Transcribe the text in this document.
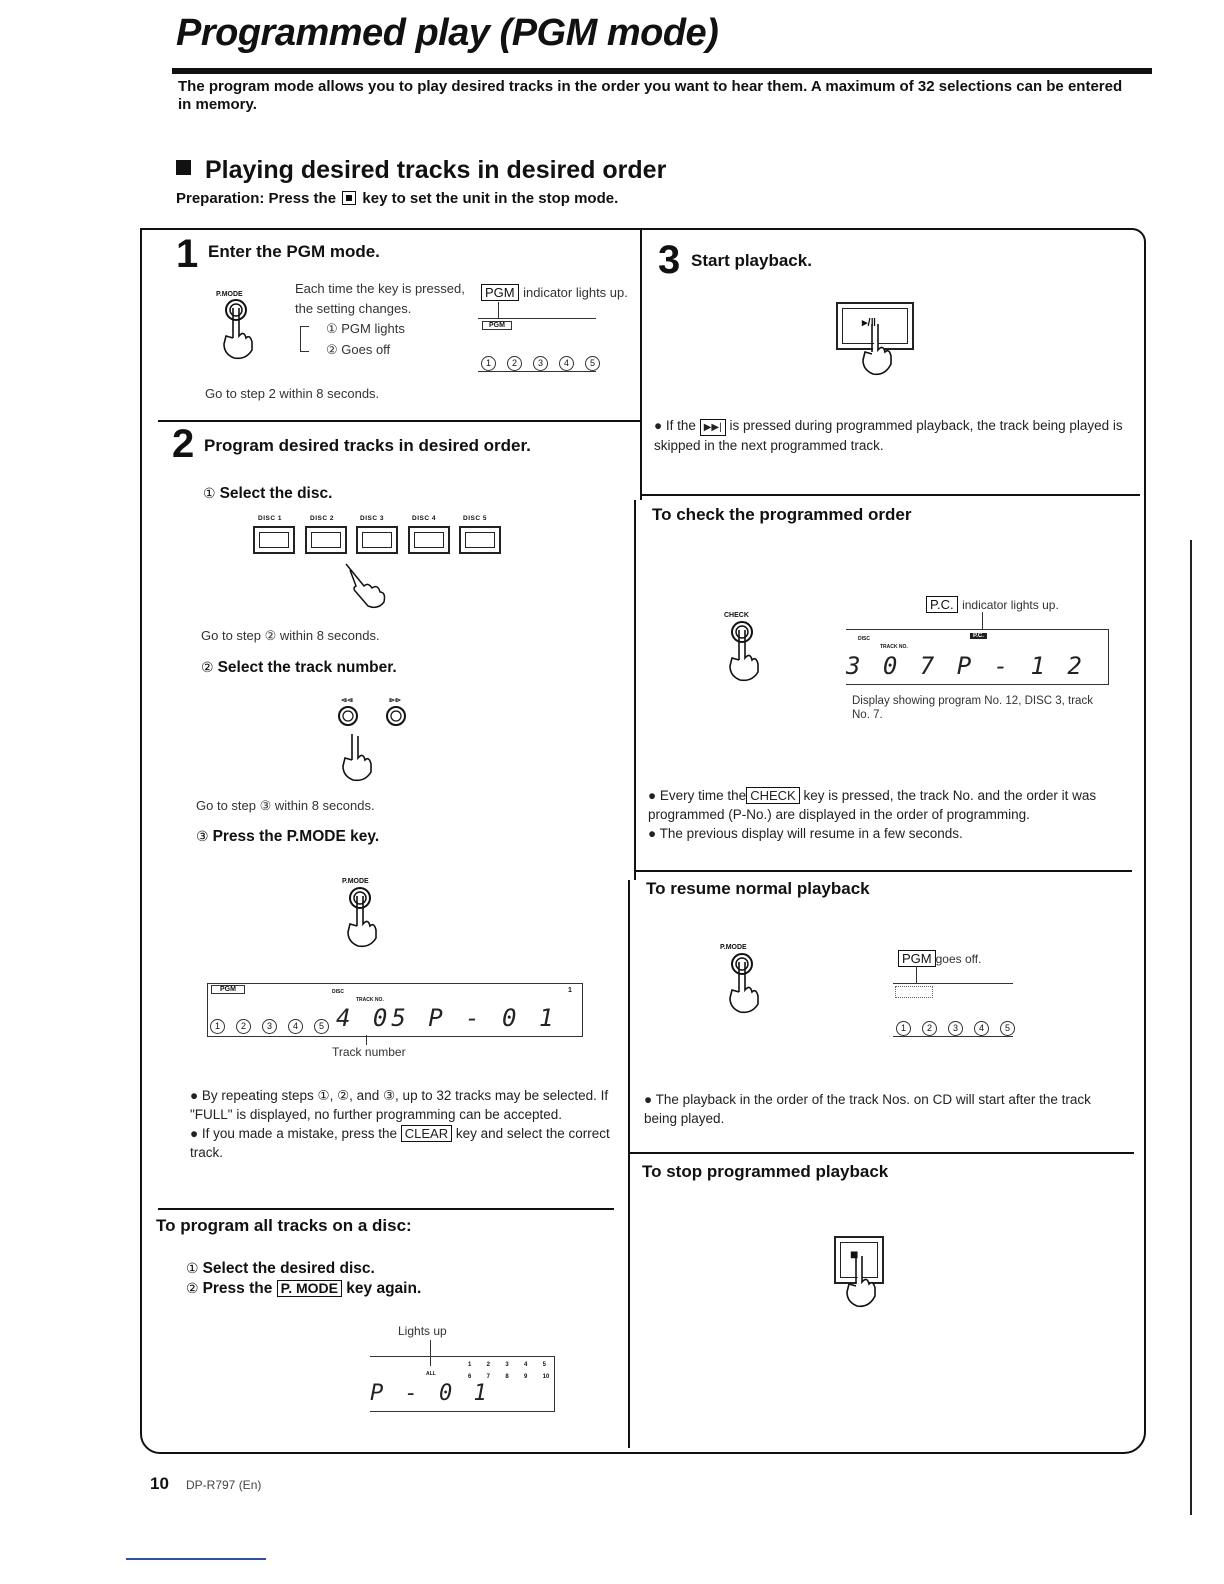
Programmed play (PGM mode)
The program mode allows you to play desired tracks in the order you want to hear them. A maximum of 32 selections can be entered in memory.
Playing desired tracks in desired order
Preparation: Press the key to set the unit in the stop mode.
1 Enter the PGM mode.
P.MODE	Each time the key is pressed,
the setting changes.
① PGM lights
② Goes off
PGM indicator lights up.
PGM
1 2 3 4 5
Go to step 2 within 8 seconds.
2 Program desired tracks in desired order.
① Select the disc.
DISC 1	DISC 2	DISC 3	DISC 4	DISC 5
Go to step ② within 8 seconds.
② Select the track number.
⧏⧏	⧐⧐
Go to step ③ within 8 seconds.
③ Press the P.MODE key.
P.MODE
PGM	DISC
TRACK NO.
1
1 2 3 4 5 4 05 P - 0 1
Track number

● By repeating steps ①, ②, and ③, up to 32 tracks may be selected. If "FULL" is displayed, no further programming can be accepted.

● If you made a mistake, press the CLEAR key and select the correct track.

To program all tracks on a disc:
① Select the desired disc.
② Press the P. MODE key again.
Lights up
ALL
1  2  3  4  5
6  7  8  9  10
P - 0 1
3 Start playback.
▸/‖
● If the ▶▶| is pressed during programmed playback, the track being played is skipped in the next programmed track.
To check the programmed order
P.C. indicator lights up.
CHECK
DISC
TRACK NO.
P.C.
3 0 7 P - 1 2
Display showing program No. 12, DISC 3, track No. 7.

● Every time the CHECK key is pressed, the track No. and the order it was programmed (P-No.) are displayed in the order of programming.

● The previous display will resume in a few seconds.

To resume normal playback
P.MODE
PGM goes off.
1 2 3 4 5
● The playback in the order of the track Nos. on CD will start after the track being played.
To stop programmed playback
■
10 DP-R797 (En)
